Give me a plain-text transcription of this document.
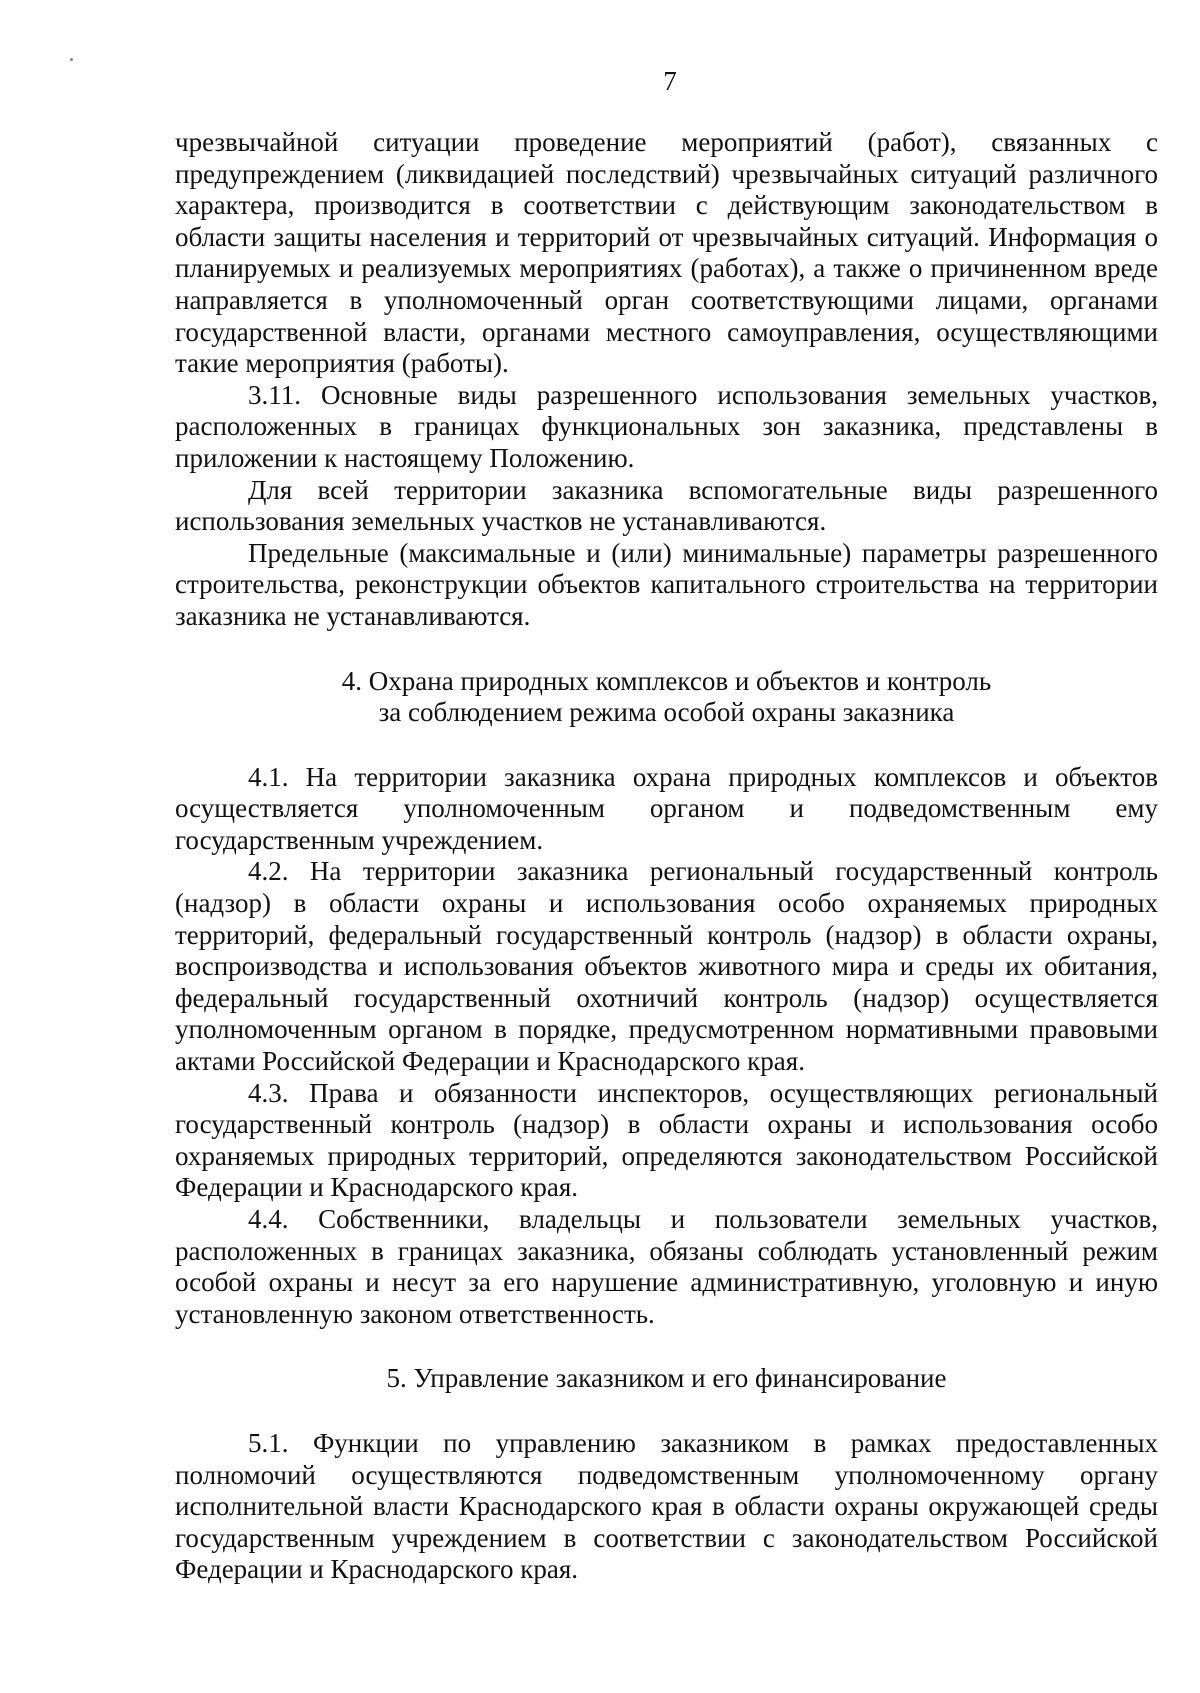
7

чрезвычайной ситуации проведение мероприятий (работ), связанных с предупреждением (ликвидацией последствий) чрезвычайных ситуаций различного характера, производится в соответствии с действующим законодательством в области защиты населения и территорий от чрезвычайных ситуаций. Информация о планируемых и реализуемых мероприятиях (работах), а также о причиненном вреде направляется в уполномоченный орган соответствующими лицами, органами государственной власти, органами местного самоуправления, осуществляющими такие мероприятия (работы).

3.11. Основные виды разрешенного использования земельных участков, расположенных в границах функциональных зон заказника, представлены в приложении к настоящему Положению.

Для всей территории заказника вспомогательные виды разрешенного использования земельных участков не устанавливаются.

Предельные (максимальные и (или) минимальные) параметры разрешенного строительства, реконструкции объектов капитального строительства на территории заказника не устанавливаются.

4. Охрана природных комплексов и объектов и контроль

за соблюдением режима особой охраны заказника

4.1. На территории заказника охрана природных комплексов и объектов осуществляется уполномоченным органом и подведомственным ему государственным учреждением.

4.2. На территории заказника региональный государственный контроль (надзор) в области охраны и использования особо охраняемых природных территорий, федеральный государственный контроль (надзор) в области охраны, воспроизводства и использования объектов животного мира и среды их обитания, федеральный государственный охотничий контроль (надзор) осуществляется уполномоченным органом в порядке, предусмотренном нормативными правовыми актами Российской Федерации и Краснодарского края.

4.3. Права и обязанности инспекторов, осуществляющих региональный государственный контроль (надзор) в области охраны и использования особо охраняемых природных территорий, определяются законодательством Российской Федерации и Краснодарского края.

4.4. Собственники, владельцы и пользователи земельных участков, расположенных в границах заказника, обязаны соблюдать установленный режим особой охраны и несут за его нарушение административную, уголовную и иную установленную законом ответственность.

5. Управление заказником и его финансирование

5.1. Функции по управлению заказником в рамках предоставленных полномочий осуществляются подведомственным уполномоченному органу исполнительной власти Краснодарского края в области охраны окружающей среды государственным учреждением в соответствии с законодательством Российской Федерации и Краснодарского края.
